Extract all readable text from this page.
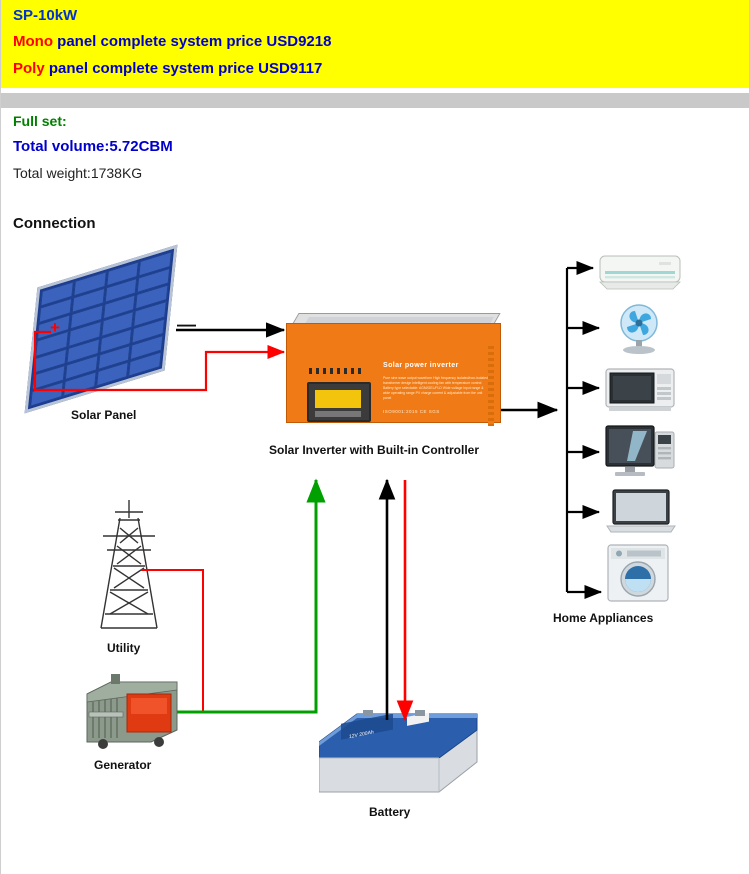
SP-10kW
Mono panel complete system price USD9218
Poly panel complete system price USD9117
Full set:
Total volume:5.72CBM
Total weight:1738KG
Connection
+	—
Solar power inverter
Pure sine wave output waveform High frequency isolated/non-isolated transformer design Intelligent cooling fan with temperature control Battery type selectable: AGM/GEL/FLD Wide voltage input range & wide operating range PV charge current & adjustable from the unit panel
ISO9001:2015 CE SGS
12V 200Ah
Solar Panel
Solar Inverter with Built-in Controller
Utility
Generator
Battery
Home Appliances
